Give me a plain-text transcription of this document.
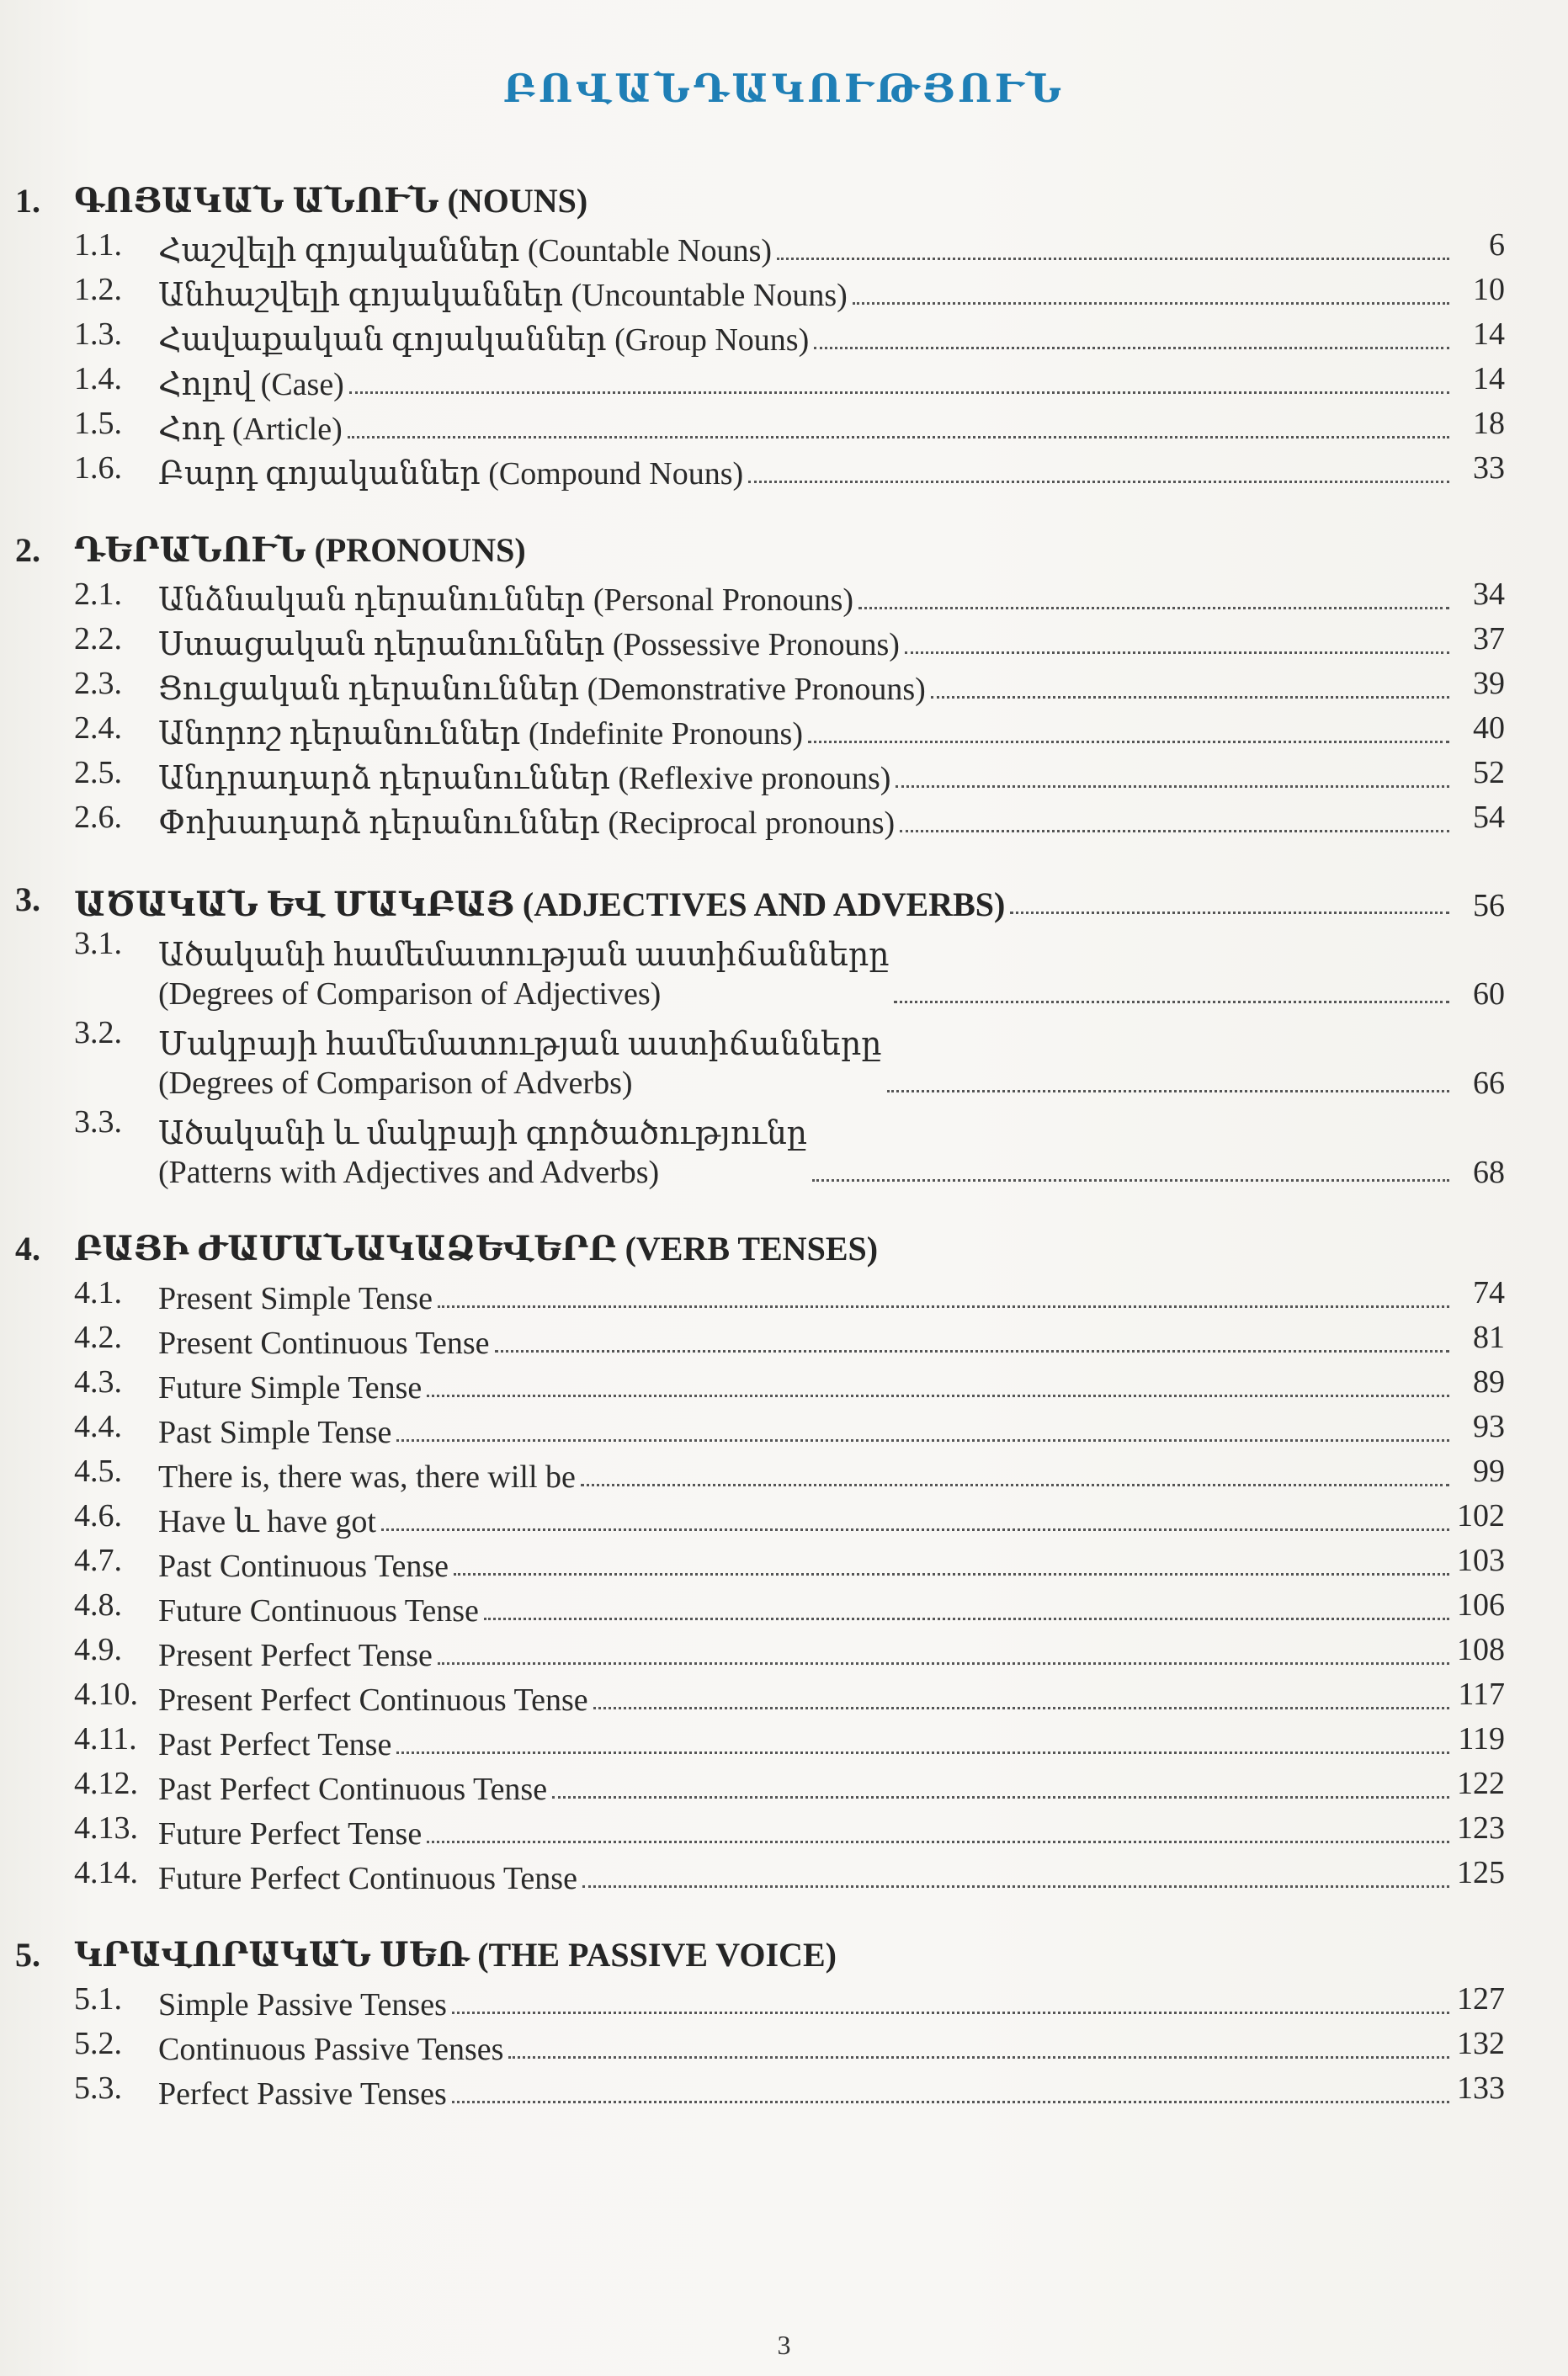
ԲՈՎԱՆԴԱԿՈՒԹՅՈՒՆ
1. ԳՈՅԱԿԱՆ ԱՆՈՒՆ (NOUNS)
1.1.	Հաշվելի գոյականներ (Countable Nouns)	6
1.2.	Անհաշվելի գոյականներ (Uncountable Nouns)	10
1.3.	Հավաքական գոյականներ (Group Nouns)	14
1.4.	Հոլով (Case)	14
1.5.	Հոդ (Article)	18
1.6.	Բարդ գոյականներ (Compound Nouns)	33
2. ԴԵՐԱՆՈՒՆ (PRONOUNS)
2.1.	Անձնական դերանուններ (Personal Pronouns)	34
2.2.	Ստացական դերանուններ (Possessive Pronouns)	37
2.3.	Ցուցական դերանուններ (Demonstrative Pronouns)	39
2.4.	Անորոշ դերանուններ (Indefinite Pronouns)	40
2.5.	Անդրադարձ դերանուններ (Reflexive pronouns)	52
2.6.	Փոխադարձ դերանուններ (Reciprocal pronouns)	54
3. ԱԾԱԿԱՆ ԵՎ ՄԱԿԲԱՅ (ADJECTIVES AND ADVERBS)	56
3.1.	Ածականի համեմատության աստիճանները
(Degrees of Comparison of Adjectives)	60
3.2.	Մակբայի համեմատության աստիճանները
(Degrees of Comparison of Adverbs)	66
3.3.	Ածականի և մակբայի գործածությունը
(Patterns with Adjectives and Adverbs)	68
4. ԲԱՅԻ ԺԱՄԱՆԱԿԱՁԵՎԵՐԸ (VERB TENSES)
4.1.	Present Simple Tense	74
4.2.	Present Continuous Tense	81
4.3.	Future Simple Tense	89
4.4.	Past Simple Tense	93
4.5.	There is, there was, there will be	99
4.6.	Have և have got	102
4.7.	Past Continuous Tense	103
4.8.	Future Continuous Tense	106
4.9.	Present Perfect Tense	108
4.10. Present Perfect Continuous Tense	117
4.11. Past Perfect Tense	119
4.12. Past Perfect Continuous Tense	122
4.13. Future Perfect Tense	123
4.14. Future Perfect Continuous Tense	125
5. ԿՐԱՎՈՐԱԿԱՆ ՍԵՌ (THE PASSIVE VOICE)
5.1.	Simple Passive Tenses	127
5.2.	Continuous Passive Tenses	132
5.3.	Perfect Passive Tenses	133
3
